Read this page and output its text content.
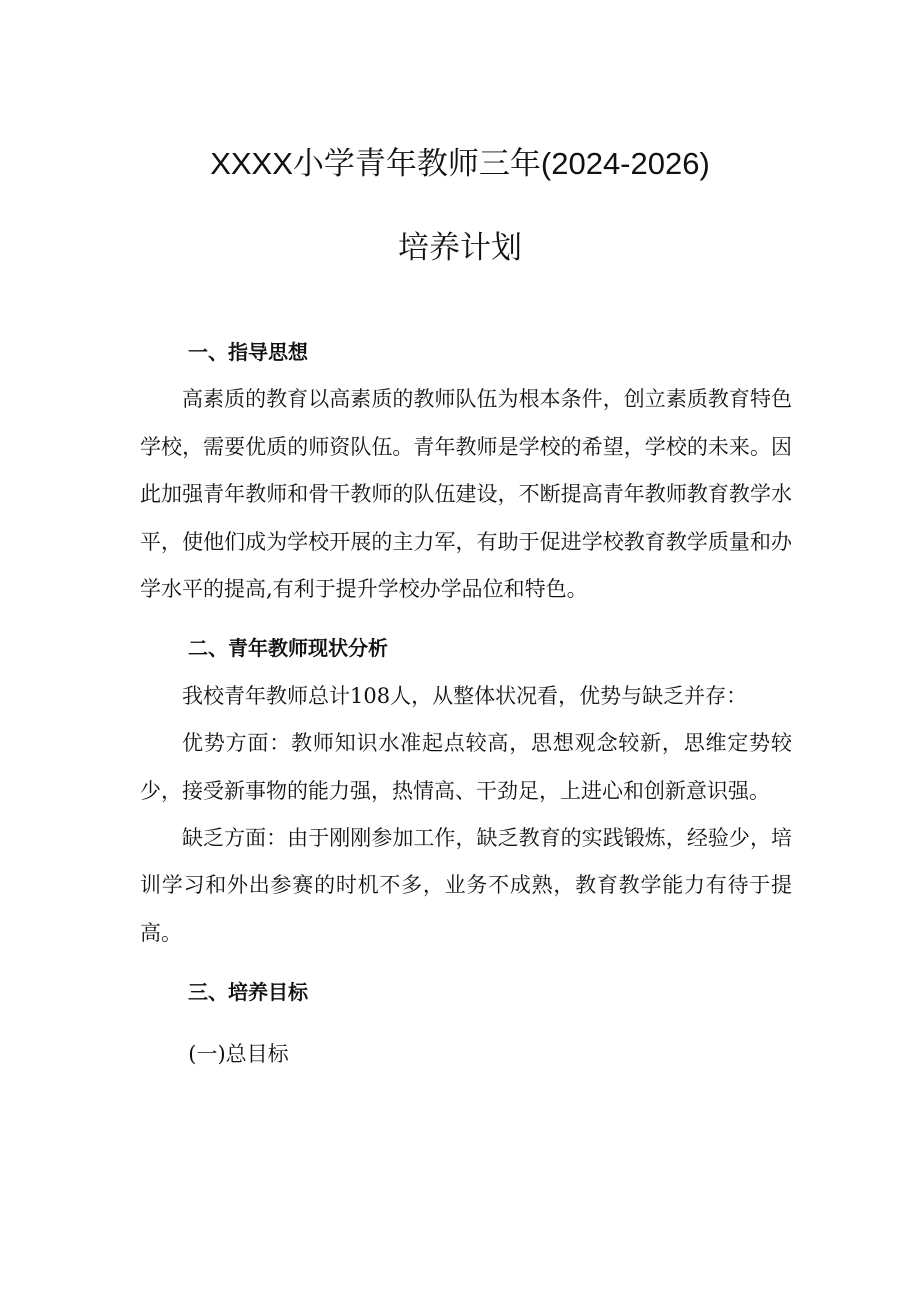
XXXX小学青年教师三年(2024-2026)
培养计划
一、指导思想

高素质的教育以高素质的教师队伍为根本条件，创立素质教育特色学校，需要优质的师资队伍。青年教师是学校的希望，学校的未来。因此加强青年教师和骨干教师的队伍建设，不断提高青年教师教育教学水平，使他们成为学校开展的主力军，有助于促进学校教育教学质量和办学水平的提高,有利于提升学校办学品位和特色。

二、青年教师现状分析

我校青年教师总计108人，从整体状况看，优势与缺乏并存：

优势方面：教师知识水准起点较高，思想观念较新，思维定势较少，接受新事物的能力强，热情高、干劲足，上进心和创新意识强。

缺乏方面：由于刚刚参加工作，缺乏教育的实践锻炼，经验少，培训学习和外出参赛的时机不多，业务不成熟，教育教学能力有待于提高。

三、培养目标

(一)总目标
